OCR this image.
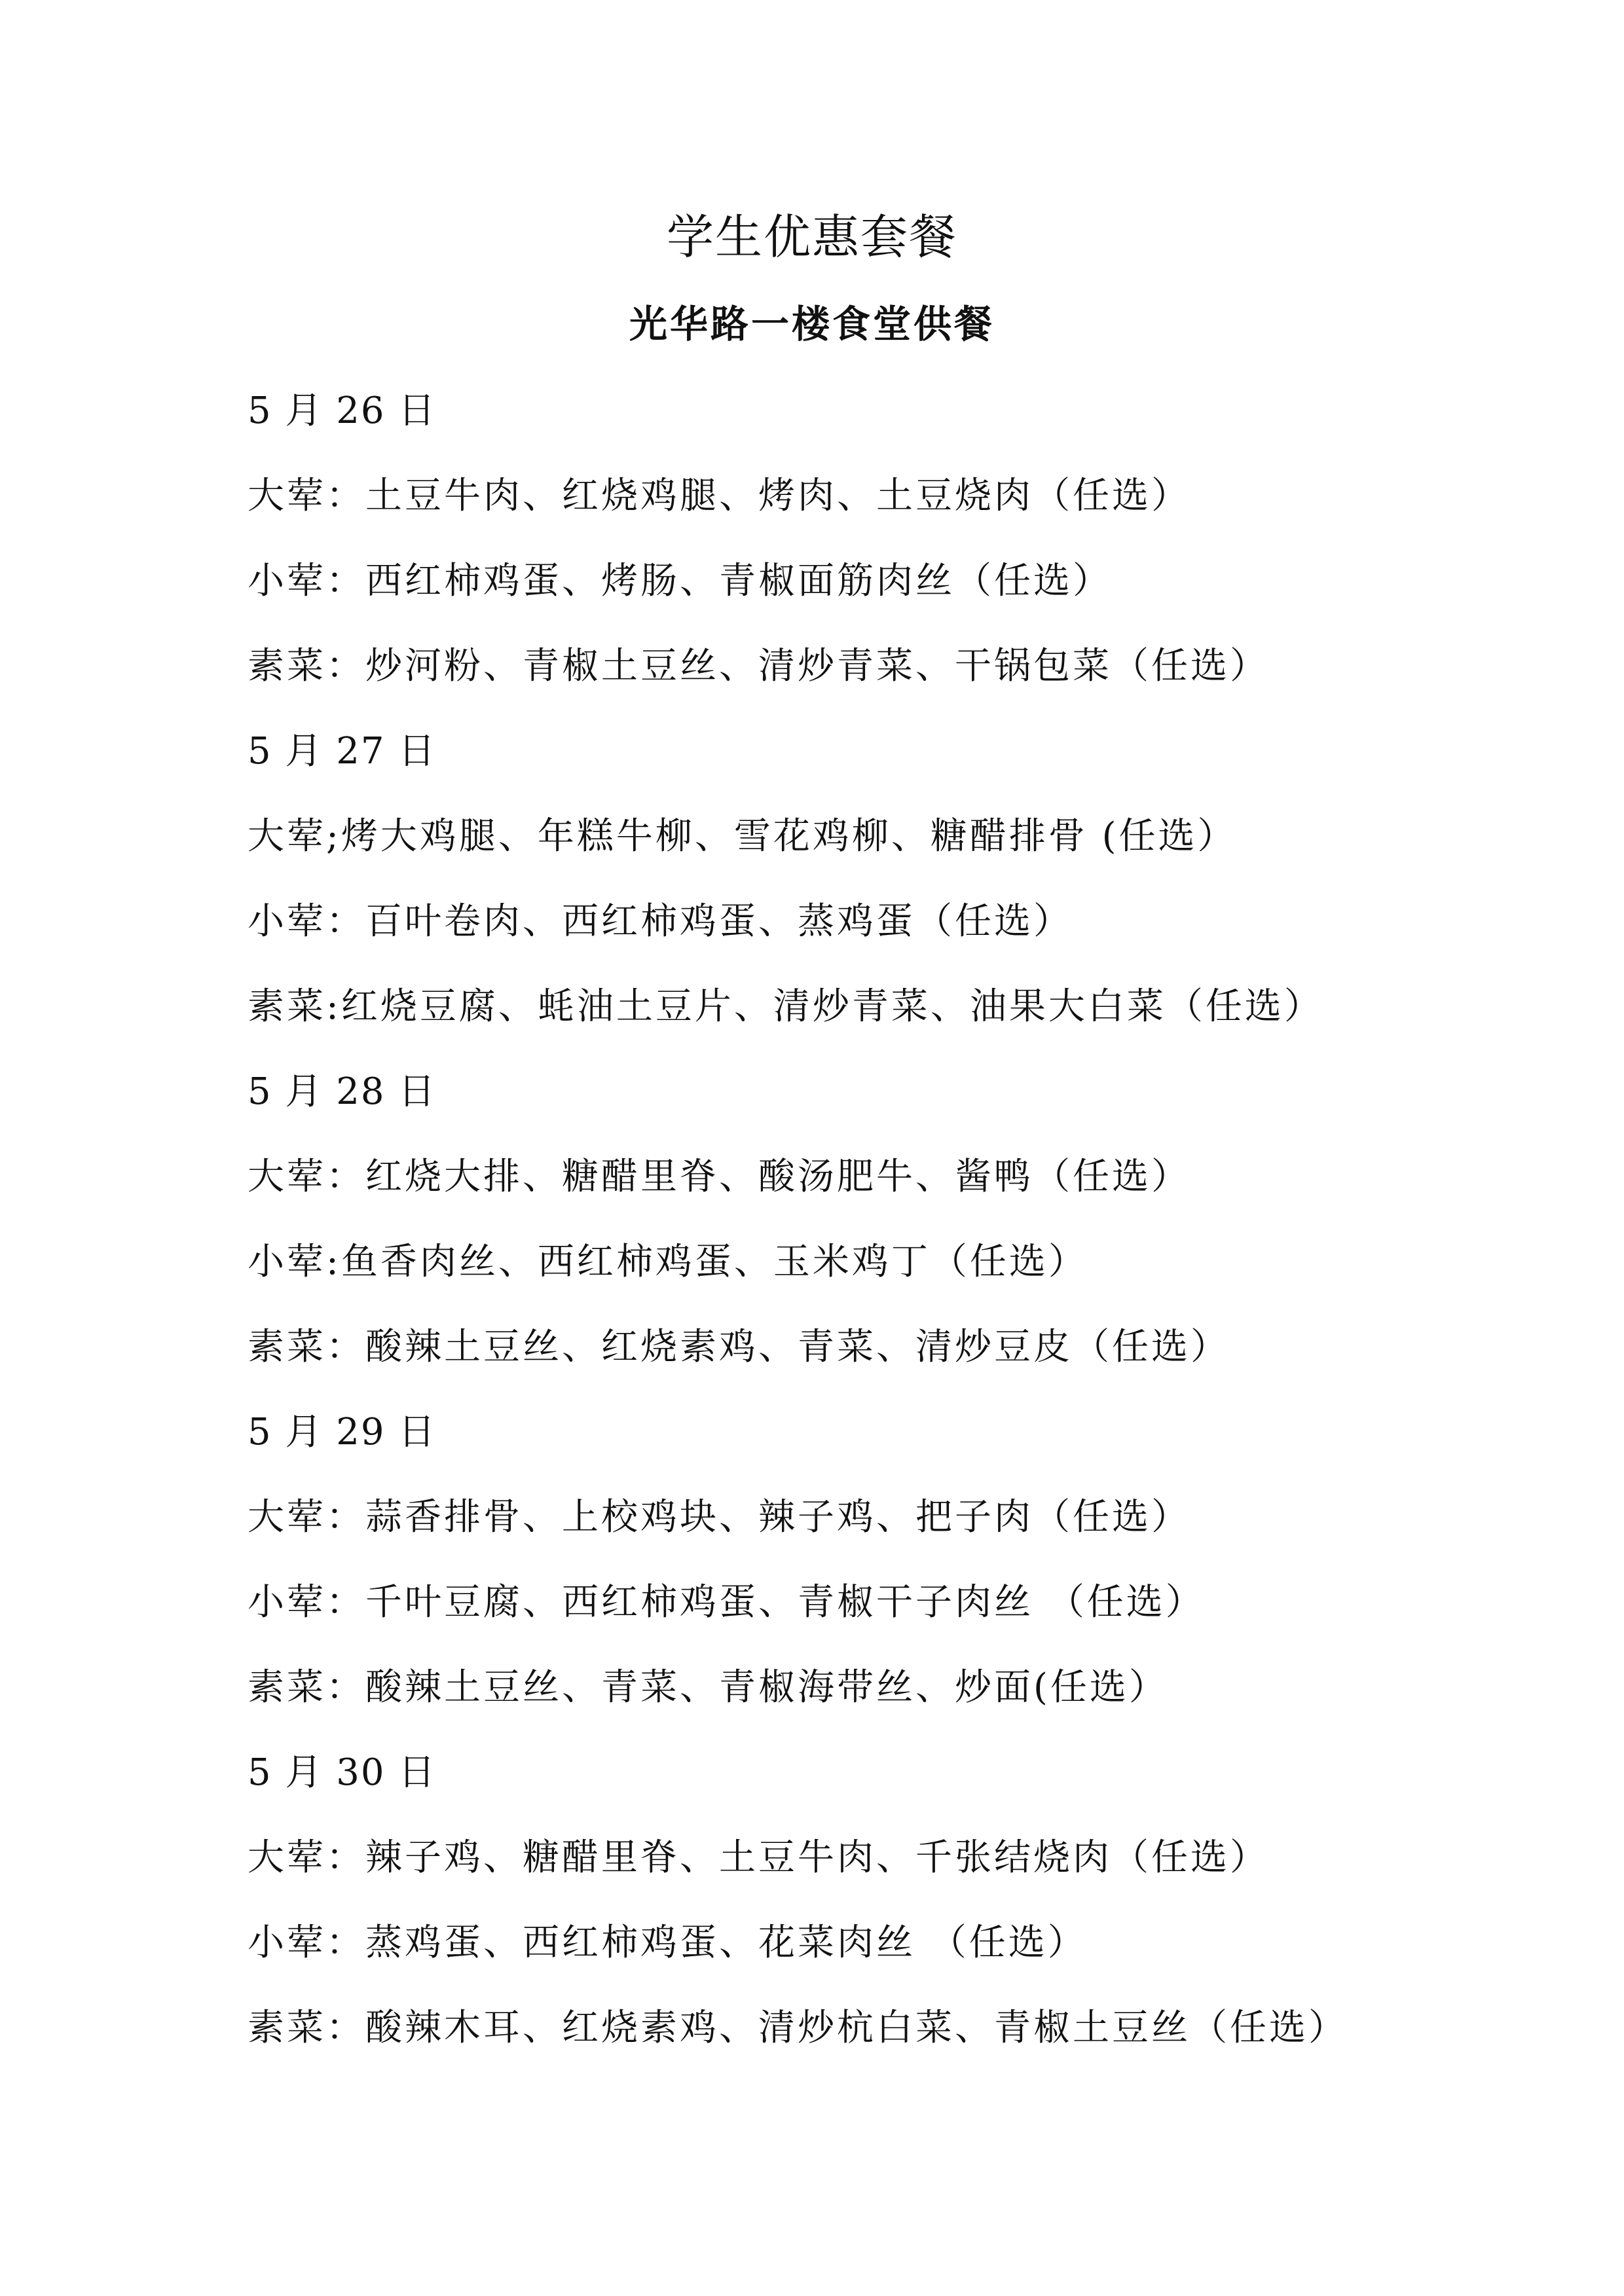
学生优惠套餐
光华路一楼食堂供餐
5 月 26 日
大荤：土豆牛肉、红烧鸡腿、烤肉、土豆烧肉（任选）
小荤：西红柿鸡蛋、烤肠、青椒面筋肉丝（任选）
素菜：炒河粉、青椒土豆丝、清炒青菜、干锅包菜（任选）
5 月 27 日
大荤;烤大鸡腿、年糕牛柳、雪花鸡柳、糖醋排骨 (任选）
小荤：百叶卷肉、西红柿鸡蛋、蒸鸡蛋（任选）
素菜:红烧豆腐、蚝油土豆片、清炒青菜、油果大白菜（任选）
5 月 28 日
大荤：红烧大排、糖醋里脊、酸汤肥牛、酱鸭（任选）
小荤:鱼香肉丝、西红柿鸡蛋、玉米鸡丁（任选）
素菜：酸辣土豆丝、红烧素鸡、青菜、清炒豆皮（任选）
5 月 29 日
大荤：蒜香排骨、上校鸡块、辣子鸡、把子肉（任选）
小荤：千叶豆腐、西红柿鸡蛋、青椒干子肉丝 （任选）
素菜：酸辣土豆丝、青菜、青椒海带丝、炒面(任选）
5 月 30 日
大荤：辣子鸡、糖醋里脊、土豆牛肉、千张结烧肉（任选）
小荤：蒸鸡蛋、西红柿鸡蛋、花菜肉丝 （任选）
素菜：酸辣木耳、红烧素鸡、清炒杭白菜、青椒土豆丝（任选）
